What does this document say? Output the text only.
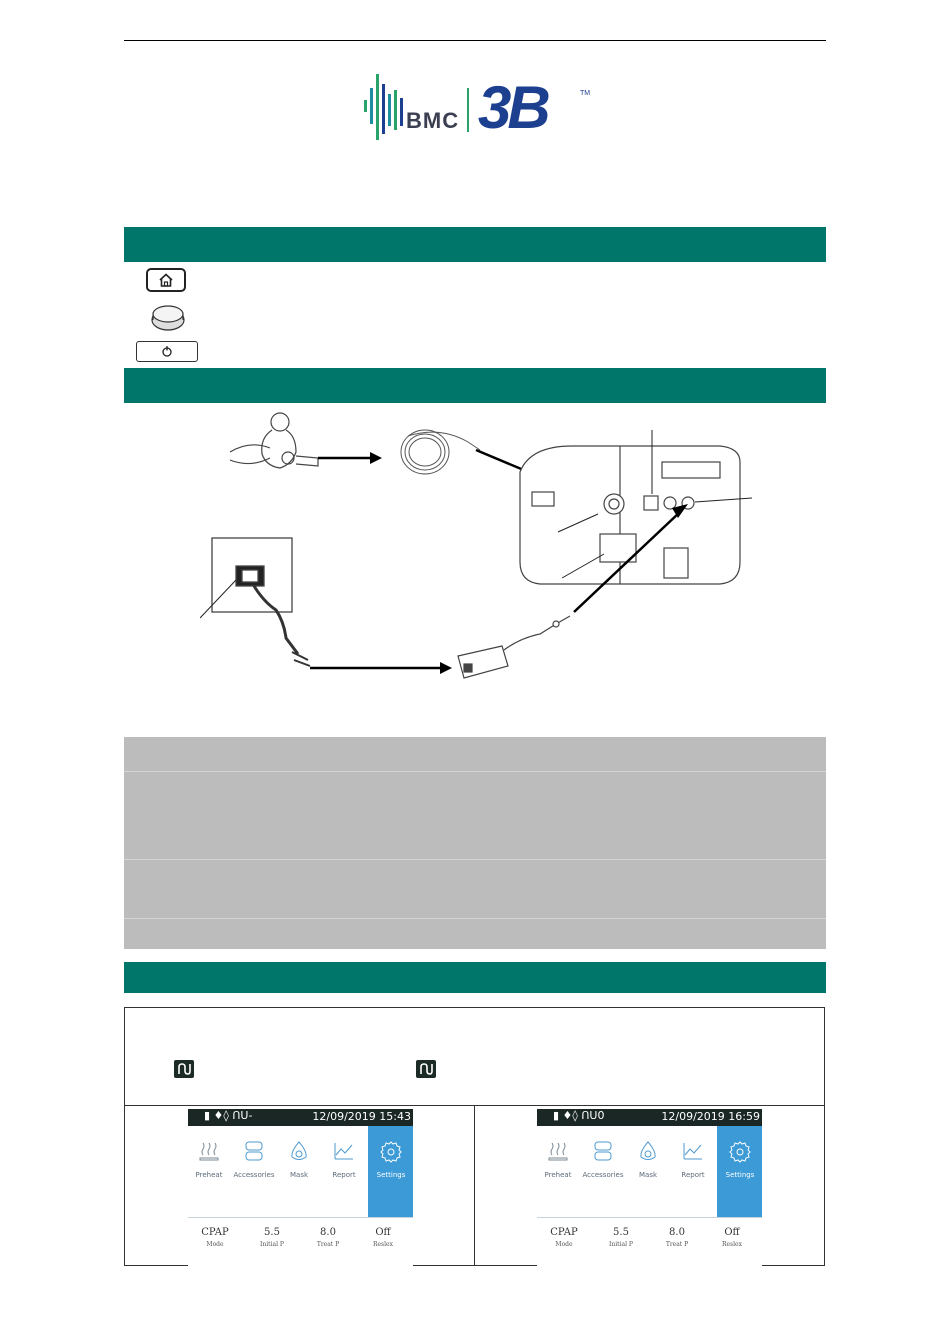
BMC 3B	TM
▮ ♦◊ ՈՍ-	12/09/2019 15:43
Preheat	Accessories	Mask	Report	Settings
CPAP
Mode
5.5
Initial P
8.0
Treat P
Off
Reslex
▮ ♦◊ ՈՍ0	12/09/2019 16:59
Preheat	Accessories	Mask	Report	Settings
CPAP
Mode
5.5
Initial P
8.0
Treat P
Off
Reslex
